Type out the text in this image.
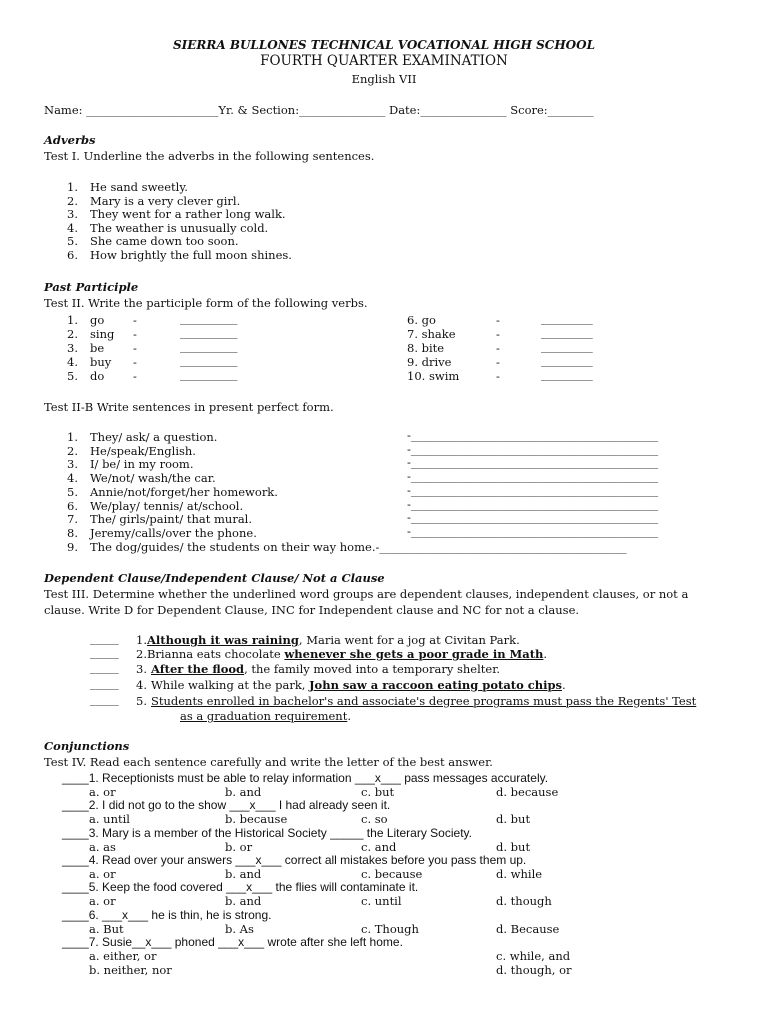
SIERRA BULLONES TECHNICAL VOCATIONAL HIGH SCHOOL
FOURTH QUARTER EXAMINATION
English VII
Name: _______________________Yr. & Section:_______________ Date:_______________ Score:________
Adverbs
Test I. Underline the adverbs in the following sentences.
1. He sand sweetly.
2. Mary is a very clever girl.
3. They went for a rather long walk.
4. The weather is unusually cold.
5. She came down too soon.
6. How brightly the full moon shines.
Past Participle
Test II. Write the participle form of the following verbs.
1. go -	__________
2. sing -	__________
3. be	-	__________
4. buy -	__________
5. do -	__________
6. go	-	_________
7. shake	-	_________
8. bite	-	_________
9. drive	-	_________
10. swim	-	_________
Test II-B Write sentences in present perfect form.
1. They/ ask/ a question.	-___________________________________________
2. He/speak/English.	-___________________________________________
3. I/ be/ in my room.	-___________________________________________
4. We/not/ wash/the car.	-___________________________________________
5. Annie/not/forget/her homework.	-___________________________________________
6. We/play/ tennis/ at/school.	-___________________________________________
7. The/ girls/paint/ that mural.	-___________________________________________
8. Jeremy/calls/over the phone.	-___________________________________________
9. The dog/guides/ the students on their way home.-___________________________________________
Dependent Clause/Independent Clause/ Not a Clause
Test III. Determine whether the underlined word groups are dependent clauses, independent clauses, or not a
clause. Write D for Dependent Clause, INC for Independent clause and NC for not a clause.
_____ 1.Although it was raining, Maria went for a jog at Civitan Park.
_____ 2.Brianna eats chocolate whenever she gets a poor grade in Math.
_____ 3. After the flood, the family moved into a temporary shelter.
_____ 4. While walking at the park, John saw a raccoon eating potato chips.
_____ 5. Students enrolled in bachelor's and associate's degree programs must pass the Regents' Test
as a graduation requirement.
Conjunctions
Test IV. Read each sentence carefully and write the letter of the best answer.
____1. Receptionists must be able to relay information ___x___ pass messages accurately.
a. or	b. and	c. but	d. because
____2. I did not go to the show ___x___ I had already seen it.
a. until	b. because	c. so	d. but
____3. Mary is a member of the Historical Society _____ the Literary Society.
a. as	b. or	c. and	d. but
____4. Read over your answers ___x___ correct all mistakes before you pass them up.
a. or	b. and	c. because	d. while
____5. Keep the food covered ___x___ the flies will contaminate it.
a. or	b. and	c. until	d. though
____6. ___x___ he is thin, he is strong.
a. But	b. As	c. Though	d. Because
____7. Susie__x___ phoned ___x___ wrote after she left home.
a. either, or	c. while, and
b. neither, nor	d. though, or
